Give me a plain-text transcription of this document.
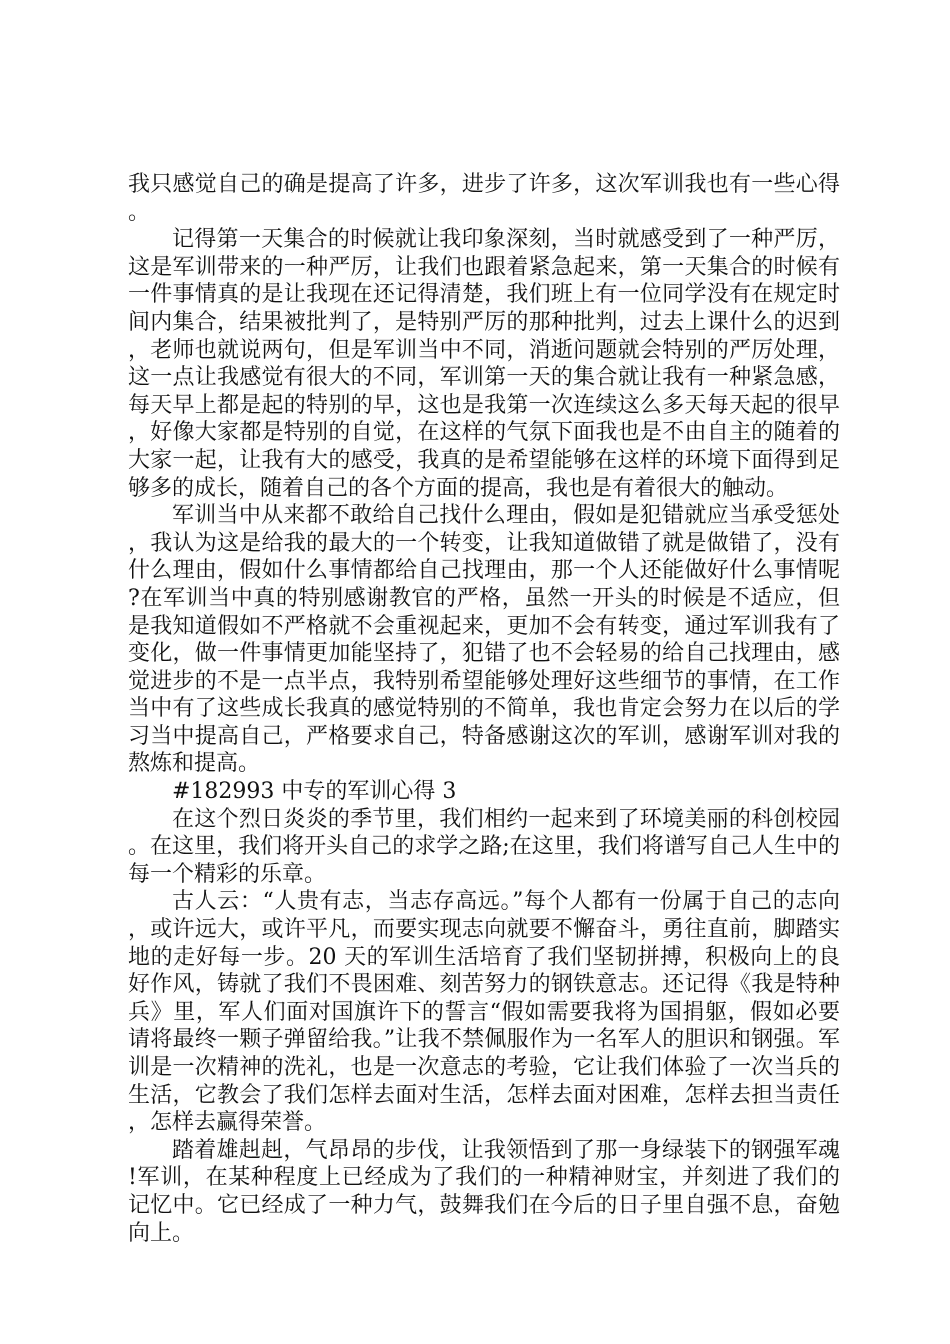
我只感觉自己的确是提高了许多，进步了许多，这次军训我也有一些心得。

记得第一天集合的时候就让我印象深刻，当时就感受到了一种严厉，这是军训带来的一种严厉，让我们也跟着紧急起来，第一天集合的时候有一件事情真的是让我现在还记得清楚，我们班上有一位同学没有在规定时间内集合，结果被批判了，是特别严厉的那种批判，过去上课什么的迟到，老师也就说两句，但是军训当中不同，消逝问题就会特别的严厉处理，这一点让我感觉有很大的不同，军训第一天的集合就让我有一种紧急感，每天早上都是起的特别的早，这也是我第一次连续这么多天每天起的很早，好像大家都是特别的自觉，在这样的气氛下面我也是不由自主的随着的大家一起，让我有大的感受，我真的是希望能够在这样的环境下面得到足够多的成长，随着自己的各个方面的提高，我也是有着很大的触动。

军训当中从来都不敢给自己找什么理由，假如是犯错就应当承受惩处，我认为这是给我的最大的一个转变，让我知道做错了就是做错了，没有什么理由，假如什么事情都给自己找理由，那一个人还能做好什么事情呢?在军训当中真的特别感谢教官的严格，虽然一开头的时候是不适应，但是我知道假如不严格就不会重视起来，更加不会有转变，通过军训我有了变化，做一件事情更加能坚持了，犯错了也不会轻易的给自己找理由，感觉进步的不是一点半点，我特别希望能够处理好这些细节的事情，在工作当中有了这些成长我真的感觉特别的不简单，我也肯定会努力在以后的学习当中提高自己，严格要求自己，特备感谢这次的军训，感谢军训对我的熬炼和提高。

#182993 中专的军训心得 3

在这个烈日炎炎的季节里，我们相约一起来到了环境美丽的科创校园。在这里，我们将开头自己的求学之路;在这里，我们将谱写自己人生中的每一个精彩的乐章。

古人云：“人贵有志，当志存高远。”每个人都有一份属于自己的志向，或许远大，或许平凡，而要实现志向就要不懈奋斗，勇往直前，脚踏实地的走好每一步。20 天的军训生活培育了我们坚韧拼搏，积极向上的良好作风，铸就了我们不畏困难、刻苦努力的钢铁意志。还记得《我是特种兵》里，军人们面对国旗许下的誓言“假如需要我将为国捐躯，假如必要请将最终一颗子弹留给我。”让我不禁佩服作为一名军人的胆识和钢强。军训是一次精神的洗礼，也是一次意志的考验，它让我们体验了一次当兵的生活，它教会了我们怎样去面对生活，怎样去面对困难，怎样去担当责任，怎样去赢得荣誉。

踏着雄赳赳，气昂昂的步伐，让我领悟到了那一身绿装下的钢强军魂!军训，在某种程度上已经成为了我们的一种精神财宝，并刻进了我们的记忆中。它已经成了一种力气，鼓舞我们在今后的日子里自强不息，奋勉向上。
